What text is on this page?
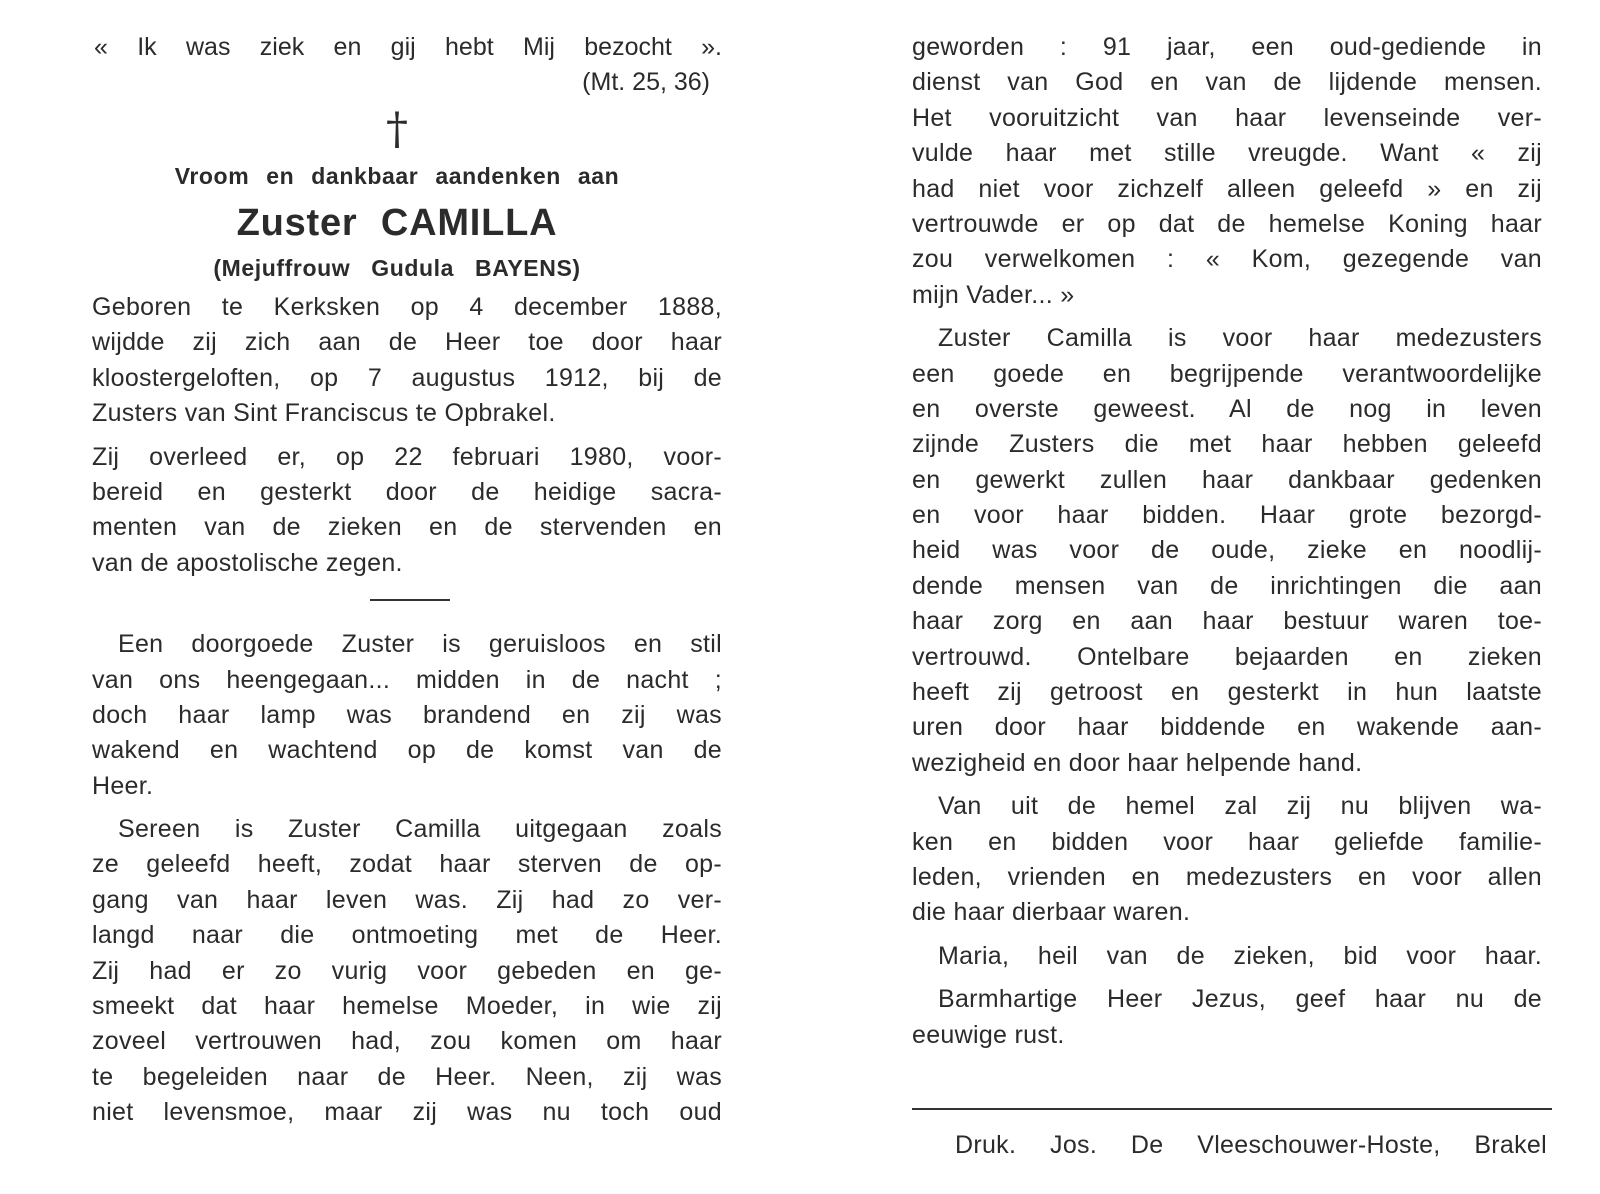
« Ik was ziek en gij hebt Mij bezocht ».
(Mt. 25, 36)
†
Vroom en dankbaar aandenken aan
Zuster CAMILLA
(Mejuffrouw Gudula BAYENS)
Geboren te Kerksken op 4 december 1888,
wijdde zij zich aan de Heer toe door haar
kloostergeloften, op 7 augustus 1912, bij de
Zusters van Sint Franciscus te Opbrakel.
Zij overleed er, op 22 februari 1980, voor-
bereid en gesterkt door de heidige sacra-
menten van de zieken en de stervenden en
van de apostolische zegen.
Een doorgoede Zuster is geruisloos en stil
van ons heengegaan... midden in de nacht ;
doch haar lamp was brandend en zij was
wakend en wachtend op de komst van de
Heer.
Sereen is Zuster Camilla uitgegaan zoals
ze geleefd heeft, zodat haar sterven de op-
gang van haar leven was. Zij had zo ver-
langd naar die ontmoeting met de Heer.
Zij had er zo vurig voor gebeden en ge-
smeekt dat haar hemelse Moeder, in wie zij
zoveel vertrouwen had, zou komen om haar
te begeleiden naar de Heer. Neen, zij was
niet levensmoe, maar zij was nu toch oud
geworden : 91 jaar, een oud-gediende in
dienst van God en van de lijdende mensen.
Het vooruitzicht van haar levenseinde ver-
vulde haar met stille vreugde. Want « zij
had niet voor zichzelf alleen geleefd » en zij
vertrouwde er op dat de hemelse Koning haar
zou verwelkomen : « Kom, gezegende van
mijn Vader... »
Zuster Camilla is voor haar medezusters
een goede en begrijpende verantwoordelijke
en overste geweest. Al de nog in leven
zijnde Zusters die met haar hebben geleefd
en gewerkt zullen haar dankbaar gedenken
en voor haar bidden. Haar grote bezorgd-
heid was voor de oude, zieke en noodlij-
dende mensen van de inrichtingen die aan
haar zorg en aan haar bestuur waren toe-
vertrouwd. Ontelbare bejaarden en zieken
heeft zij getroost en gesterkt in hun laatste
uren door haar biddende en wakende aan-
wezigheid en door haar helpende hand.
Van uit de hemel zal zij nu blijven wa-
ken en bidden voor haar geliefde familie-
leden, vrienden en medezusters en voor allen
die haar dierbaar waren.
Maria, heil van de zieken, bid voor haar.
Barmhartige Heer Jezus, geef haar nu de
eeuwige rust.
Druk. Jos. De Vleeschouwer-Hoste, Brakel
